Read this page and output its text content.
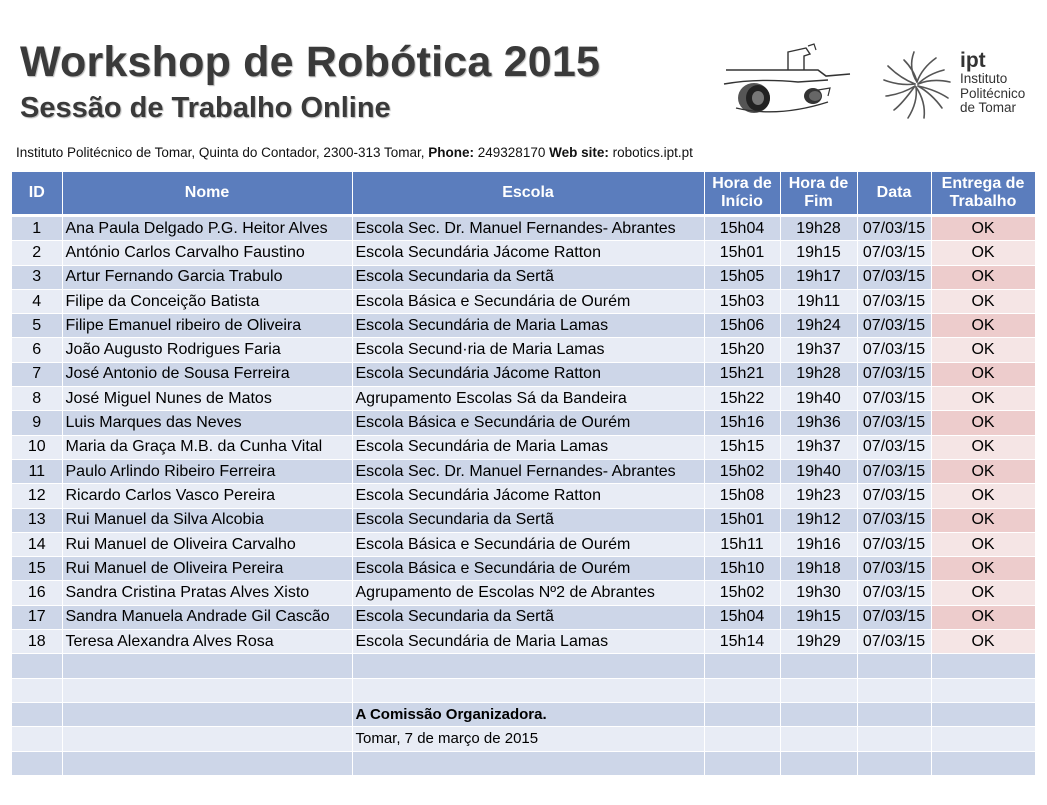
Workshop de Robótica 2015
Sessão de Trabalho Online
ipt
Instituto
Politécnico
de Tomar
Instituto Politécnico de Tomar, Quinta do Contador, 2300-313 Tomar, Phone: 249328170 Web site: robotics.ipt.pt
ID	Nome	Escola	Hora de Início	Hora de Fim	Data	Entrega de Trabalho
1	Ana Paula Delgado P.G. Heitor Alves	Escola Sec. Dr. Manuel Fernandes- Abrantes	15h04	19h28	07/03/15	OK
2	António Carlos Carvalho Faustino	Escola Secundária Jácome Ratton	15h01	19h15	07/03/15	OK
3	Artur Fernando Garcia Trabulo	Escola Secundaria da Sertã	15h05	19h17	07/03/15	OK
4	Filipe da Conceição Batista	Escola Básica e Secundária de Ourém	15h03	19h11	07/03/15	OK
5	Filipe Emanuel ribeiro de Oliveira	Escola Secundária de Maria Lamas	15h06	19h24	07/03/15	OK
6	João Augusto Rodrigues Faria	Escola Secund·ria de Maria Lamas	15h20	19h37	07/03/15	OK
7	José Antonio de Sousa Ferreira	Escola Secundária Jácome Ratton	15h21	19h28	07/03/15	OK
8	José Miguel Nunes de Matos	Agrupamento Escolas Sá da Bandeira	15h22	19h40	07/03/15	OK
9	Luis Marques das Neves	Escola Básica e Secundária de Ourém	15h16	19h36	07/03/15	OK
10	Maria da Graça M.B. da Cunha Vital	Escola Secundária de Maria Lamas	15h15	19h37	07/03/15	OK
11	Paulo Arlindo Ribeiro Ferreira	Escola Sec. Dr. Manuel Fernandes- Abrantes	15h02	19h40	07/03/15	OK
12	Ricardo Carlos Vasco Pereira	Escola Secundária Jácome Ratton	15h08	19h23	07/03/15	OK
13	Rui Manuel da Silva Alcobia	Escola Secundaria da Sertã	15h01	19h12	07/03/15	OK
14	Rui Manuel de Oliveira Carvalho	Escola Básica e Secundária de Ourém	15h11	19h16	07/03/15	OK
15	Rui Manuel de Oliveira Pereira	Escola Básica e Secundária de Ourém	15h10	19h18	07/03/15	OK
16	Sandra Cristina Pratas Alves Xisto	Agrupamento de Escolas Nº2 de Abrantes	15h02	19h30	07/03/15	OK
17	Sandra Manuela Andrade Gil Cascão	Escola Secundaria da Sertã	15h04	19h15	07/03/15	OK
18	Teresa Alexandra Alves Rosa	Escola Secundária de Maria Lamas	15h14	19h29	07/03/15	OK

		A Comissão Organizadora.				
		Tomar, 7 de março de 2015				
